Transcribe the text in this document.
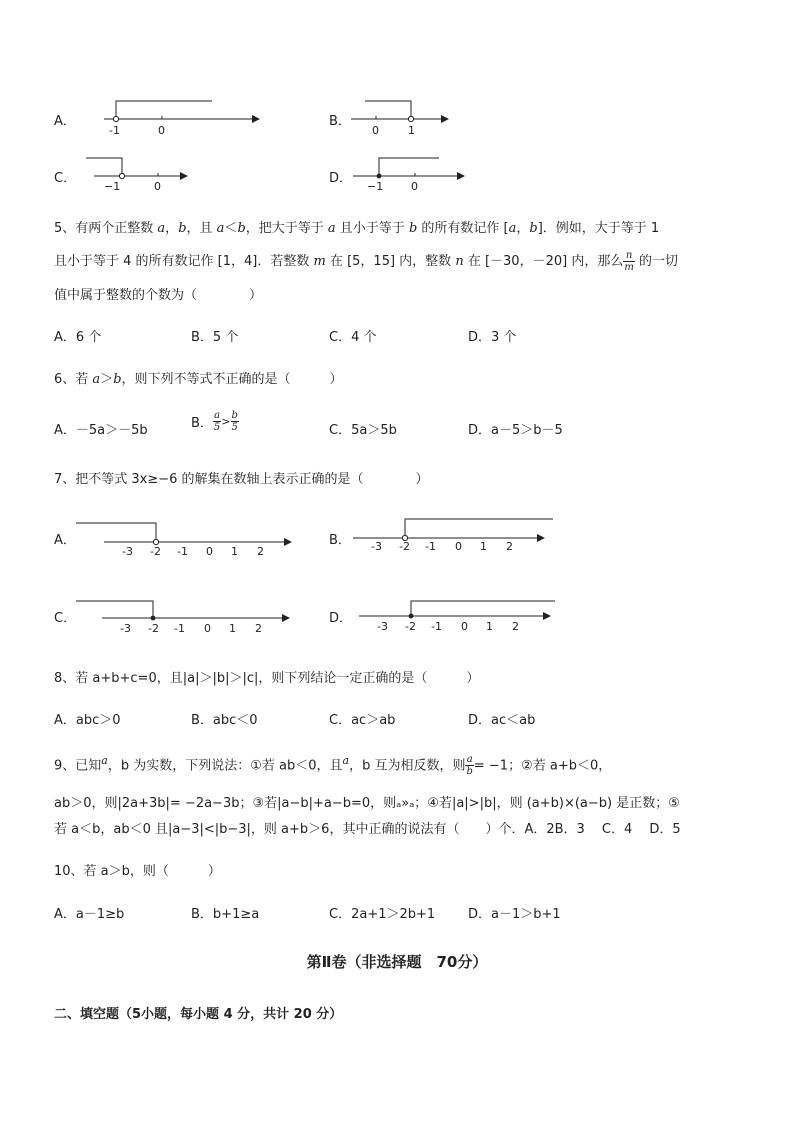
A．
-1	0
B．
0	1
C．
−1	0
D．
−1	0
5、有两个正整数 a，b，且 a＜b，把大于等于 a 且小于等于 b 的所有数记作 [a，b]．例如，大于等于 1
且小于等于 4 的所有数记作 [1，4]．若整数 m 在 [5，15] 内，整数 n 在 [－30，－20] 内，那么 $\frac{n}{m}$ 的一切
值中属于整数的个数为（　　　　）
A．6 个	B．5 个	C．4 个	D．3 个
6、若 a＞b，则下列不等式不正确的是（　　　）
A．－5a＞－5b	B． $\frac{a}{5} > \frac{b}{5}$	C．5a＞5b	D．a－5＞b－5
7、把不等式 3x≥−6 的解集在数轴上表示正确的是（　　　　）
A．
-3 -2 -1 0 1 2
B． -3 -2 -1 0 1 2
C．
-3 -2 -1 0 1 2
D．
-3 -2 -1 0 1 2
8、若 a+b+c=0，且|a|＞|b|＞|c|，则下列结论一定正确的是（　　　）
A．abc＞0	B．abc＜0	C．ac＞ab	D．ac＜ab
9、已知$^a$，b 为实数，下列说法：①若 ab＜0，且$^a$，b 互为相反数，则 $\frac{a}{b} = -1$；②若 a+b＜0，
ab＞0，则|2a+3b|= −2a−3b；③若|a−b|+a−b=0，则ₐ»ₐ；④若|a|>|b|，则 (a+b)×(a−b) 是正数；⑤
若 a＜b，ab＜0 且|a−3|<|b−3|，则 a+b＞6，其中正确的说法有（　　）个．A．2B．3　 C．4　 D．5
10、若 a＞b，则（　　　）
A．a－1≥b	B．b+1≥a	C．2a+1＞2b+1	D．a－1＞b+1
第Ⅱ卷（非选择题　70分）
二、填空题（5小题，每小题 4 分，共计 20 分）
